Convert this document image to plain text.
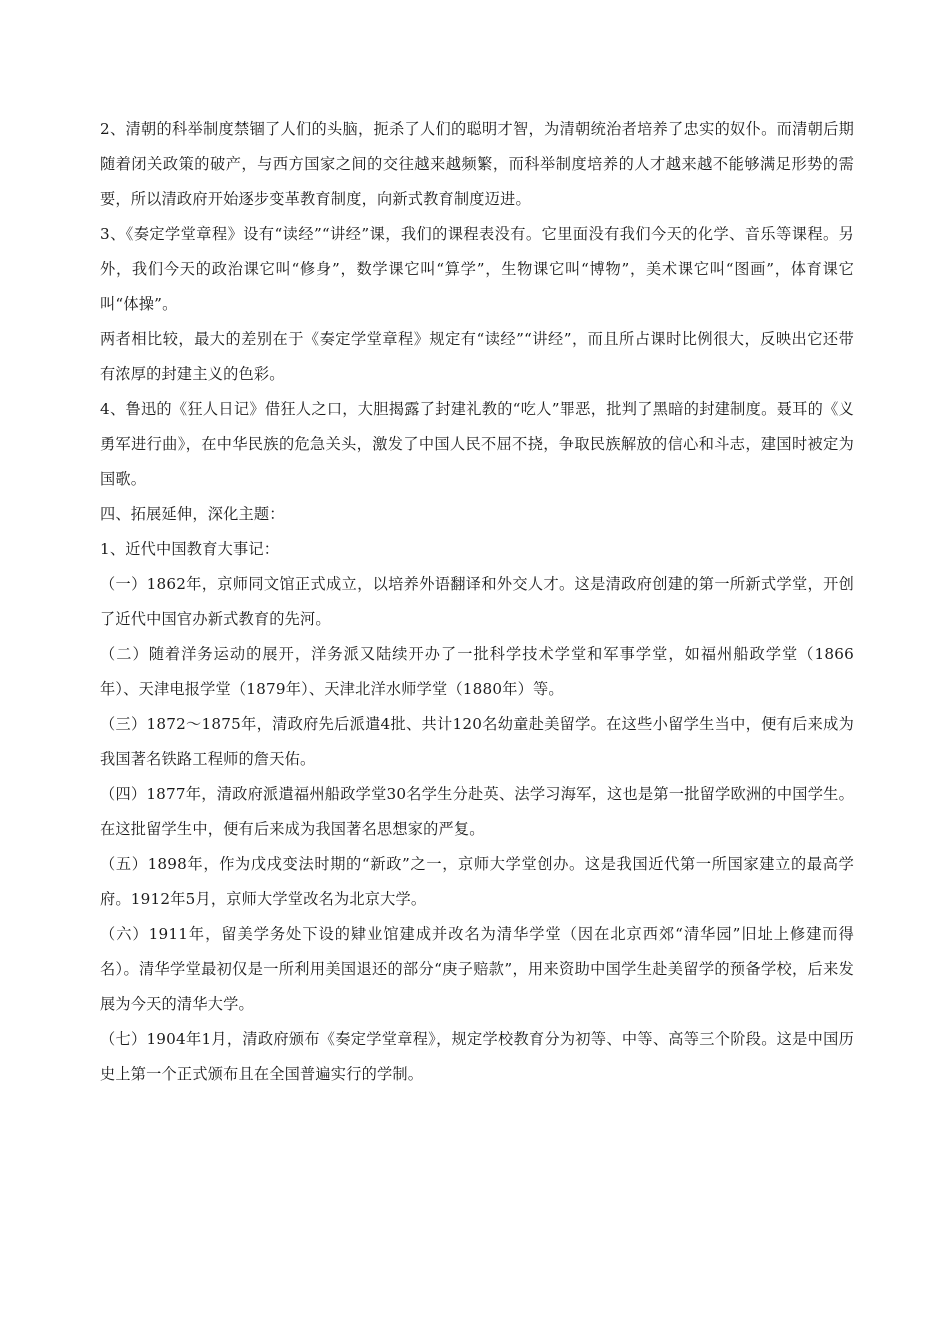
2、清朝的科举制度禁锢了人们的头脑，扼杀了人们的聪明才智，为清朝统治者培养了忠实的奴仆。而清朝后期随着闭关政策的破产，与西方国家之间的交往越来越频繁，而科举制度培养的人才越来越不能够满足形势的需要，所以清政府开始逐步变革教育制度，向新式教育制度迈进。

3、《奏定学堂章程》设有“读经”“讲经”课，我们的课程表没有。它里面没有我们今天的化学、音乐等课程。另外，我们今天的政治课它叫“修身”，数学课它叫“算学”，生物课它叫“博物”，美术课它叫“图画”，体育课它叫“体操”。

两者相比较，最大的差别在于《奏定学堂章程》规定有“读经”“讲经”，而且所占课时比例很大，反映出它还带有浓厚的封建主义的色彩。

4、鲁迅的《狂人日记》借狂人之口，大胆揭露了封建礼教的“吃人”罪恶，批判了黑暗的封建制度。聂耳的《义勇军进行曲》，在中华民族的危急关头，激发了中国人民不屈不挠，争取民族解放的信心和斗志，建国时被定为国歌。

四、拓展延伸，深化主题：

1、近代中国教育大事记：

（一）1862年，京师同文馆正式成立，以培养外语翻译和外交人才。这是清政府创建的第一所新式学堂，开创了近代中国官办新式教育的先河。

（二）随着洋务运动的展开，洋务派又陆续开办了一批科学技术学堂和军事学堂，如福州船政学堂（1866年）、天津电报学堂（1879年）、天津北洋水师学堂（1880年）等。

（三）1872～1875年，清政府先后派遣4批、共计120名幼童赴美留学。在这些小留学生当中，便有后来成为我国著名铁路工程师的詹天佑。

（四）1877年，清政府派遣福州船政学堂30名学生分赴英、法学习海军，这也是第一批留学欧洲的中国学生。在这批留学生中，便有后来成为我国著名思想家的严复。

（五）1898年，作为戊戌变法时期的“新政”之一，京师大学堂创办。这是我国近代第一所国家建立的最高学府。1912年5月，京师大学堂改名为北京大学。

（六）1911年，留美学务处下设的肄业馆建成并改名为清华学堂（因在北京西郊“清华园”旧址上修建而得名）。清华学堂最初仅是一所利用美国退还的部分“庚子赔款”，用来资助中国学生赴美留学的预备学校，后来发展为今天的清华大学。

（七）1904年1月，清政府颁布《奏定学堂章程》，规定学校教育分为初等、中等、高等三个阶段。这是中国历史上第一个正式颁布且在全国普遍实行的学制。
